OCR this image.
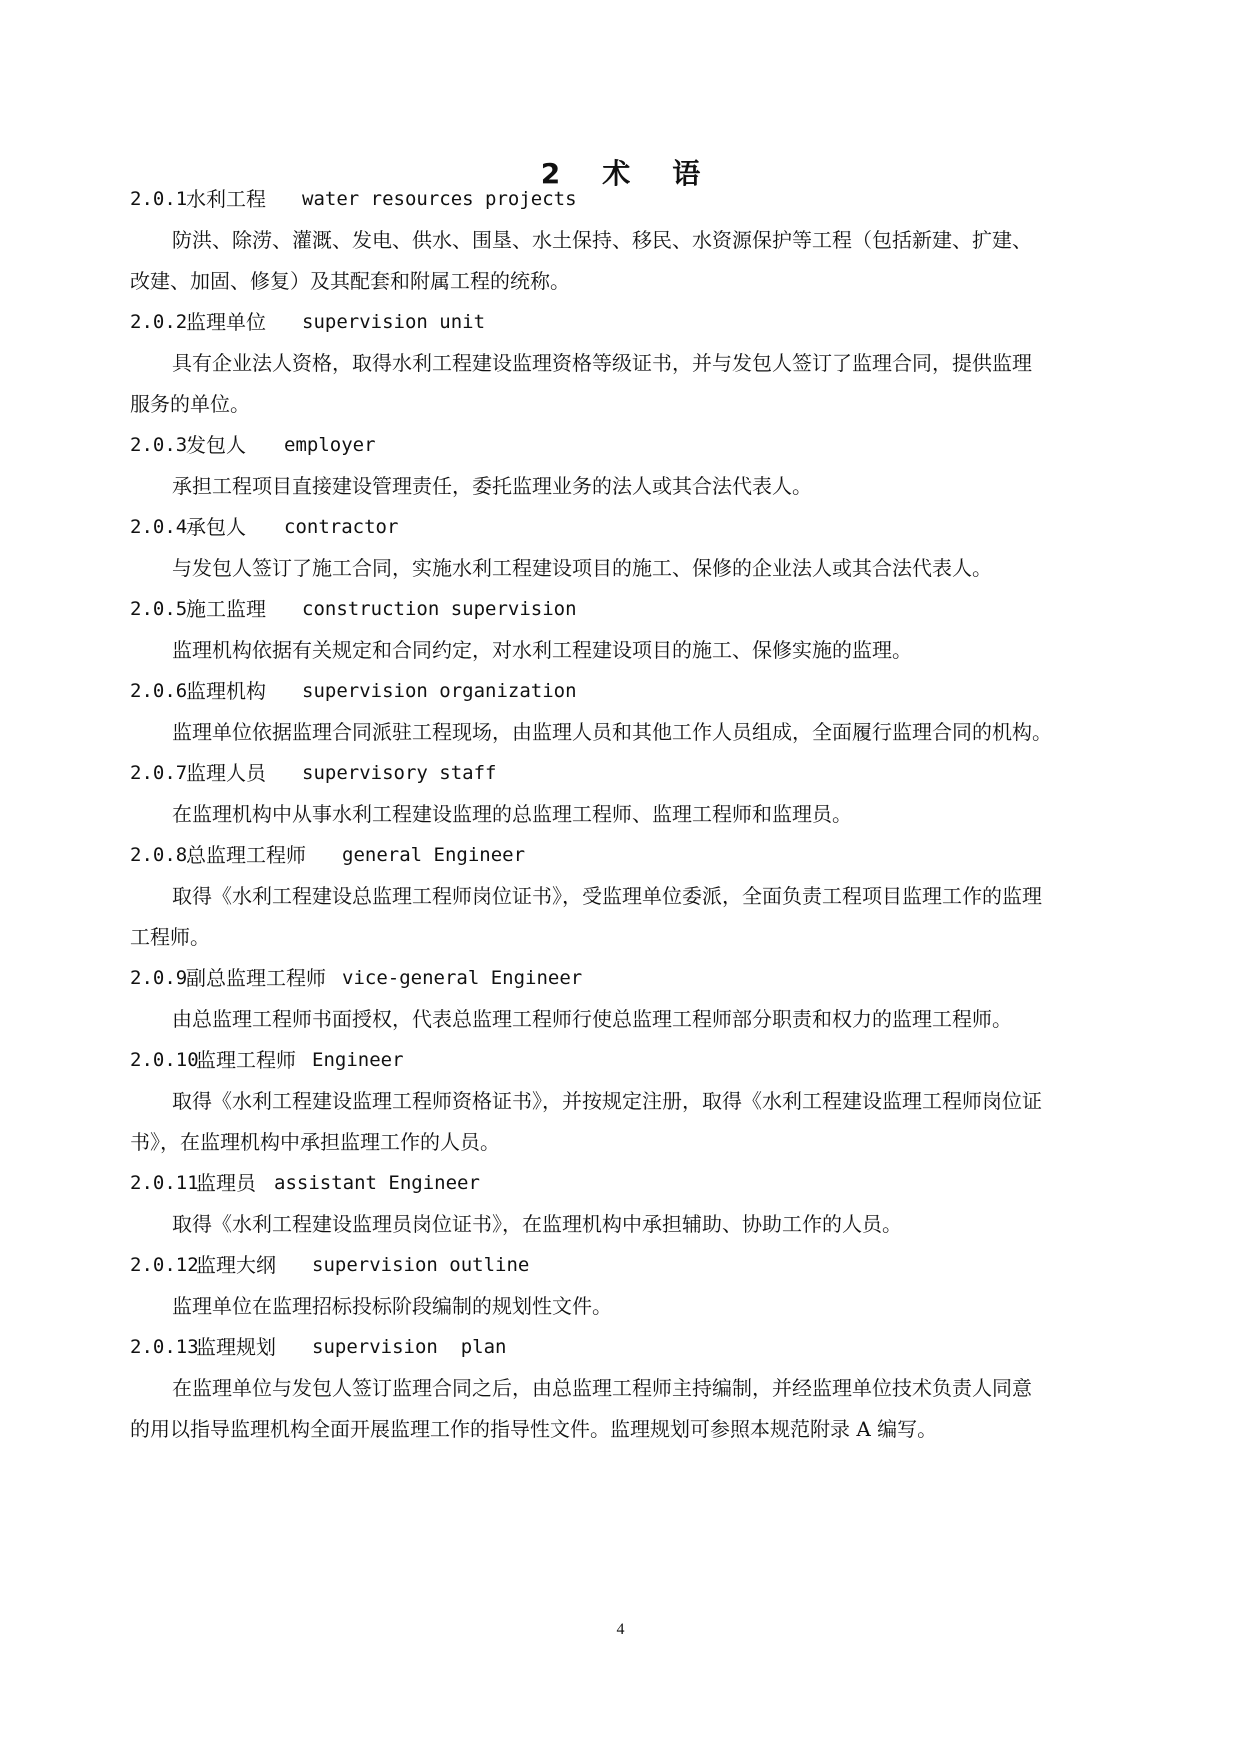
2 术 语
2.0.1
水利工程 water resources projects
防洪、除涝、灌溉、发电、供水、围垦、水土保持、移民、水资源保护等工程（包括新建、扩建、
改建、加固、修复）及其配套和附属工程的统称。
2.0.2
监理单位 supervision unit
具有企业法人资格，取得水利工程建设监理资格等级证书，并与发包人签订了监理合同，提供监理
服务的单位。
2.0.3
发包人 employer
承担工程项目直接建设管理责任，委托监理业务的法人或其合法代表人。
2.0.4
承包人 contractor
与发包人签订了施工合同，实施水利工程建设项目的施工、保修的企业法人或其合法代表人。
2.0.5
施工监理 construction supervision
监理机构依据有关规定和合同约定，对水利工程建设项目的施工、保修实施的监理。
2.0.6
监理机构 supervision organization
监理单位依据监理合同派驻工程现场，由监理人员和其他工作人员组成，全面履行监理合同的机构。
2.0.7
监理人员 supervisory staff
在监理机构中从事水利工程建设监理的总监理工程师、监理工程师和监理员。
2.0.8
总监理工程师 general Engineer
取得《水利工程建设总监理工程师岗位证书》，受监理单位委派，全面负责工程项目监理工作的监理
工程师。
2.0.9
副总监理工程师 vice-general Engineer
由总监理工程师书面授权，代表总监理工程师行使总监理工程师部分职责和权力的监理工程师。
2.0.10
监理工程师 Engineer
取得《水利工程建设监理工程师资格证书》，并按规定注册，取得《水利工程建设监理工程师岗位证
书》，在监理机构中承担监理工作的人员。
2.0.11
监理员 assistant Engineer
取得《水利工程建设监理员岗位证书》，在监理机构中承担辅助、协助工作的人员。
2.0.12
监理大纲 supervision outline
监理单位在监理招标投标阶段编制的规划性文件。
2.0.13
监理规划 supervision  plan
在监理单位与发包人签订监理合同之后，由总监理工程师主持编制，并经监理单位技术负责人同意
的用以指导监理机构全面开展监理工作的指导性文件。监理规划可参照本规范附录 A 编写。
4
